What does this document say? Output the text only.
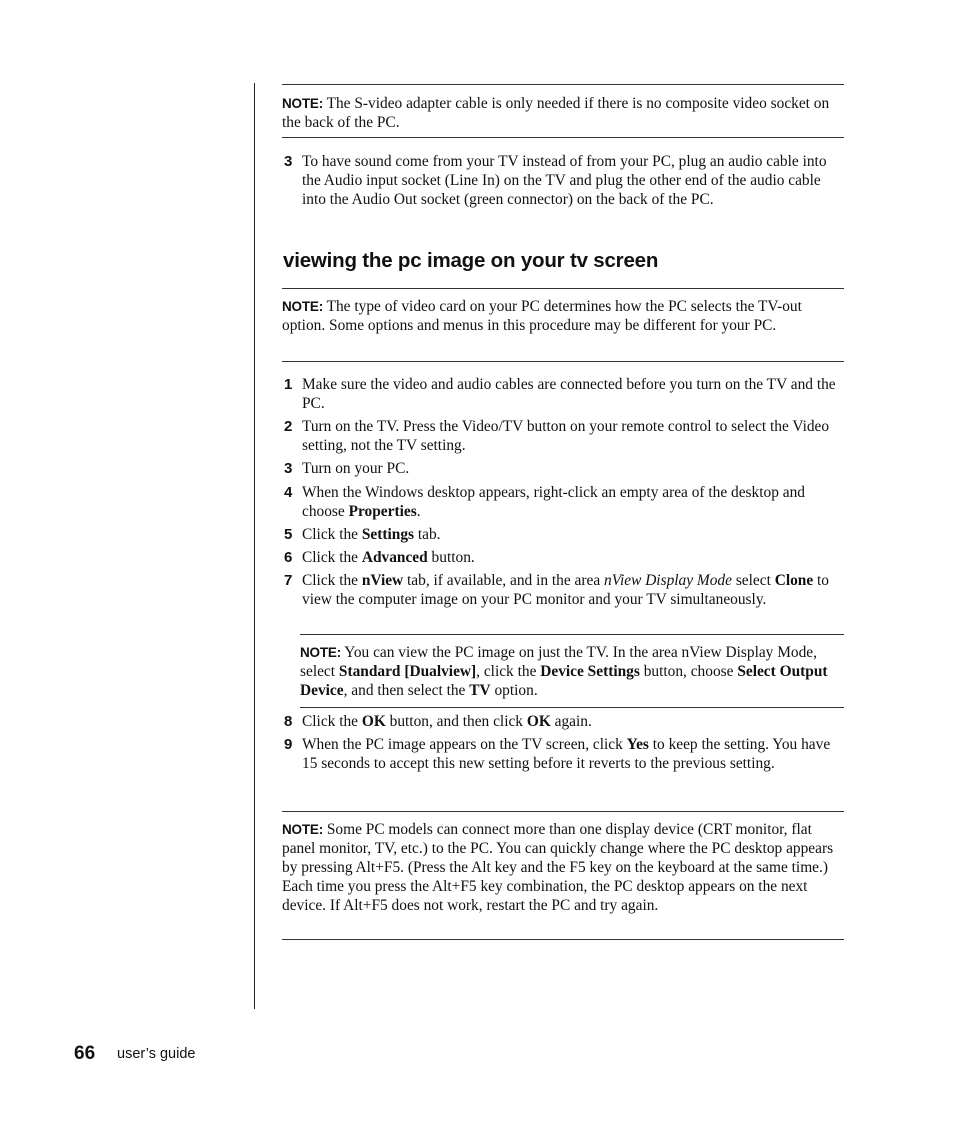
NOTE: The S-video adapter cable is only needed if there is no composite video socket on the back of the PC.
3 To have sound come from your TV instead of from your PC, plug an audio cable into the Audio input socket (Line In) on the TV and plug the other end of the audio cable into the Audio Out socket (green connector) on the back of the PC.
viewing the pc image on your tv screen
NOTE: The type of video card on your PC determines how the PC selects the TV-out option. Some options and menus in this procedure may be different for your PC.
1 Make sure the video and audio cables are connected before you turn on the TV and the PC.
2 Turn on the TV. Press the Video/TV button on your remote control to select the Video setting, not the TV setting.
3 Turn on your PC.
4 When the Windows desktop appears, right-click an empty area of the desktop and choose Properties.
5 Click the Settings tab.
6 Click the Advanced button.
7 Click the nView tab, if available, and in the area nView Display Mode select Clone to view the computer image on your PC monitor and your TV simultaneously.
NOTE: You can view the PC image on just the TV. In the area nView Display Mode, select Standard [Dualview], click the Device Settings button, choose Select Output Device, and then select the TV option.
8 Click the OK button, and then click OK again.
9 When the PC image appears on the TV screen, click Yes to keep the setting. You have 15 seconds to accept this new setting before it reverts to the previous setting.
NOTE: Some PC models can connect more than one display device (CRT monitor, flat panel monitor, TV, etc.) to the PC. You can quickly change where the PC desktop appears by pressing Alt+F5. (Press the Alt key and the F5 key on the keyboard at the same time.) Each time you press the Alt+F5 key combination, the PC desktop appears on the next device. If Alt+F5 does not work, restart the PC and try again.
66 user’s guide
